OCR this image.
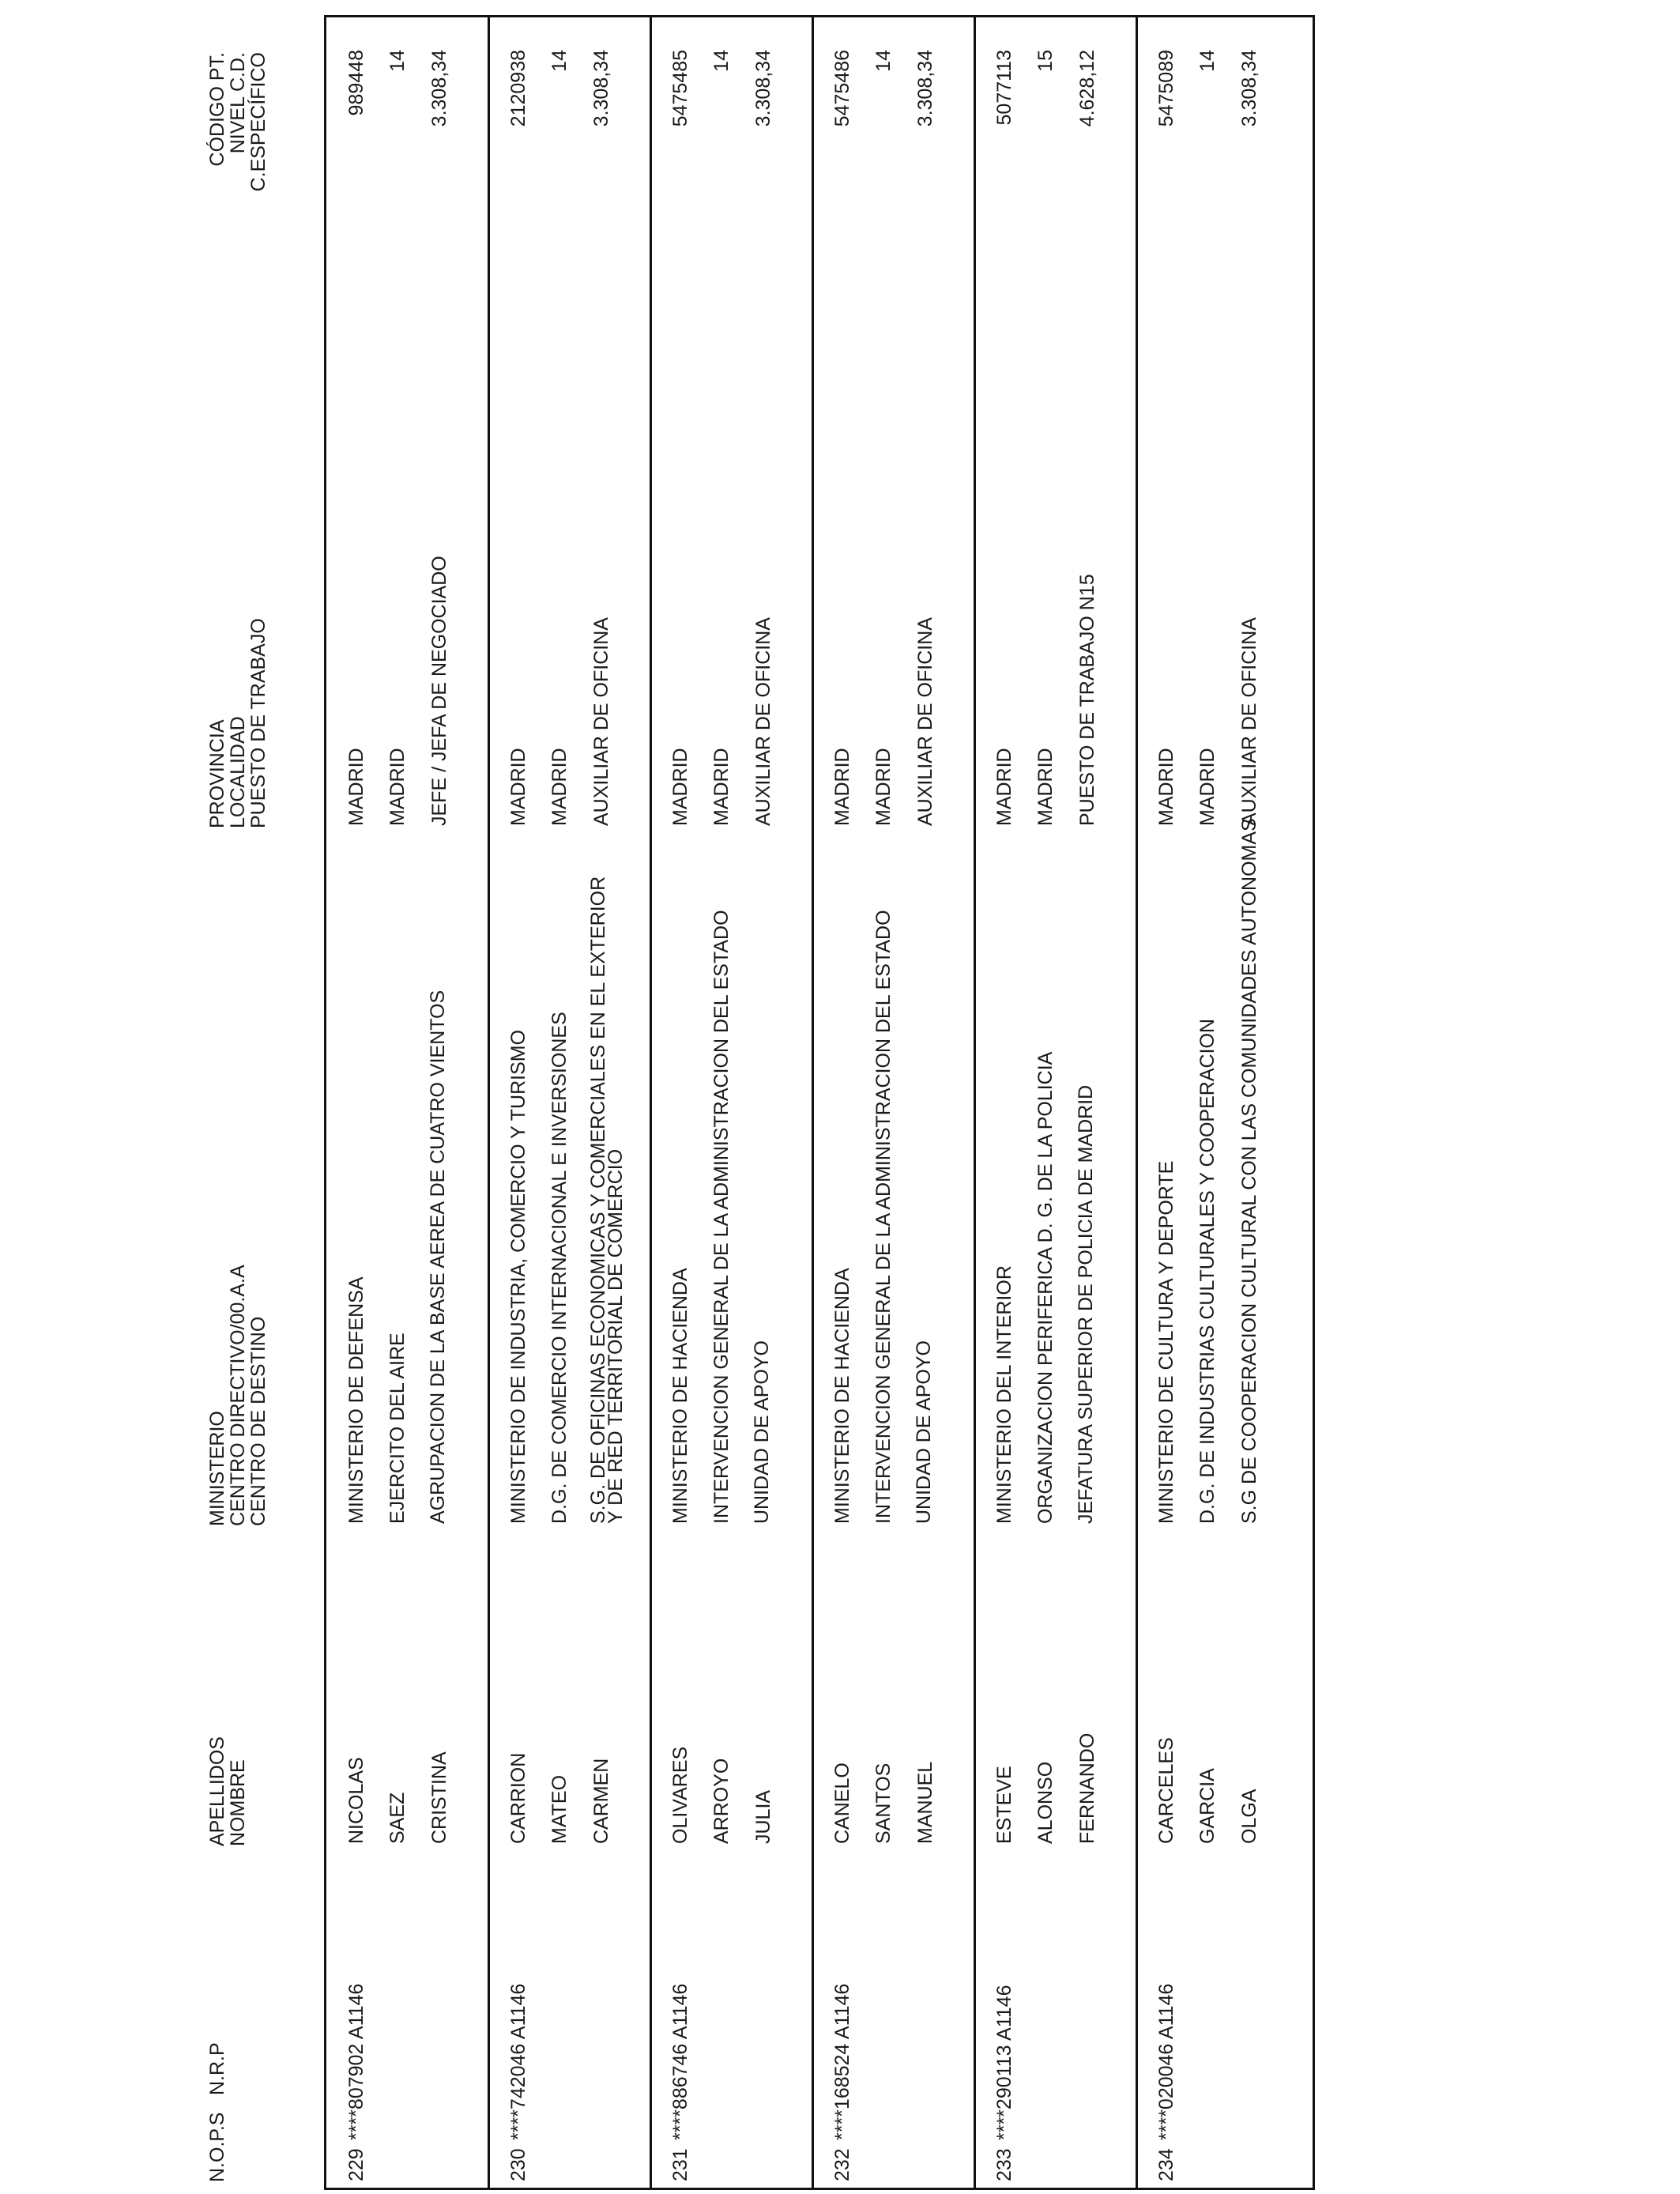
N.O.P.S
N.R.P
APELLIDOS
NOMBRE
MINISTERIO
CENTRO DIRECTIVO/00.A.A
CENTRO DE DESTINO
PROVINCIA
LOCALIDAD
PUESTO DE TRABAJO
CÓDIGO PT.
NIVEL C.D.
C.ESPECÍFICO
229
****807902 A1146
NICOLAS SAEZ CRISTINA
MINISTERIO DE DEFENSA EJERCITO DEL AIRE AGRUPACION DE LA BASE AEREA DE CUATRO VIENTOS
MADRID MADRID JEFE / JEFA DE NEGOCIADO
989448 14 3.308,34
230
****742046 A1146
CARRION MATEO CARMEN
MINISTERIO DE INDUSTRIA, COMERCIO Y TURISMO D.G. DE COMERCIO INTERNACIONAL E INVERSIONES S.G. DE OFICINAS ECONOMICAS Y COMERCIALES EN EL EXTERIOR Y DE RED TERRITORIAL DE COMERCIO
MADRID MADRID AUXILIAR DE OFICINA
2120938 14 3.308,34
231
****886746 A1146
OLIVARES ARROYO JULIA
MINISTERIO DE HACIENDA INTERVENCION GENERAL DE LA ADMINISTRACION DEL ESTADO UNIDAD DE APOYO
MADRID MADRID AUXILIAR DE OFICINA
5475485 14 3.308,34
232
****168524 A1146
CANELO SANTOS MANUEL
MINISTERIO DE HACIENDA INTERVENCION GENERAL DE LA ADMINISTRACION DEL ESTADO UNIDAD DE APOYO
MADRID MADRID AUXILIAR DE OFICINA
5475486 14 3.308,34
233
****290113 A1146
ESTEVE ALONSO FERNANDO
MINISTERIO DEL INTERIOR ORGANIZACION PERIFERICA D. G. DE LA POLICIA JEFATURA SUPERIOR DE POLICIA DE MADRID
MADRID MADRID PUESTO DE TRABAJO N15
5077113 15 4.628,12
234
****020046 A1146
CARCELES GARCIA OLGA
MINISTERIO DE CULTURA Y DEPORTE D.G. DE INDUSTRIAS CULTURALES Y COOPERACION S.G DE COOPERACION CULTURAL CON LAS COMUNIDADES AUTONOMAS
MADRID MADRID AUXILIAR DE OFICINA
5475089 14 3.308,34
